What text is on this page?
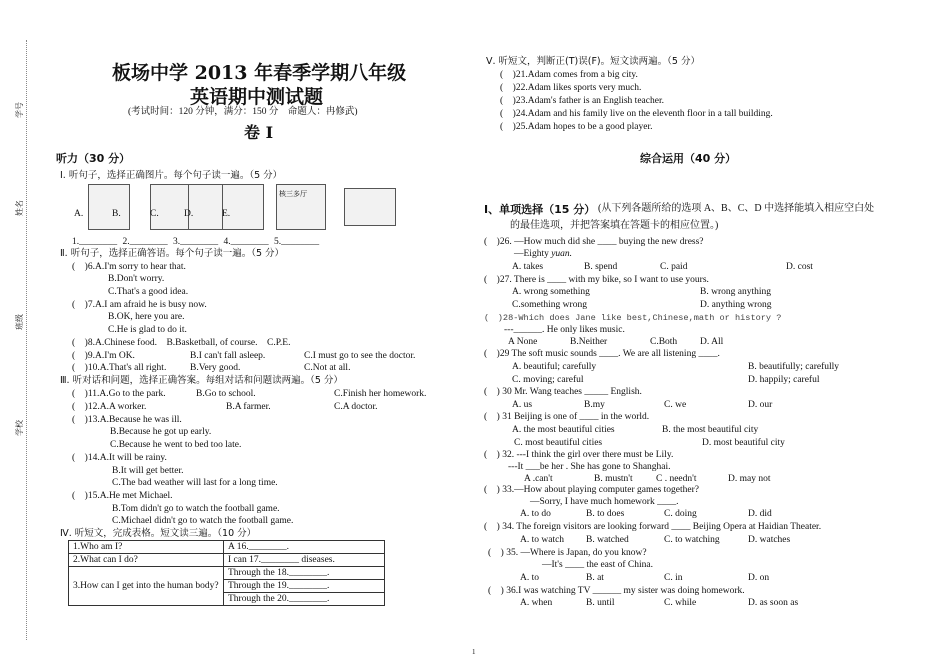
学号
姓名
班级
学校
板场中学 2013 年春季学期八年级
英语期中测试题
(考试时间：120 分钟，满分：150 分　命题人：冉修武)
卷 Ⅰ
听力（30 分）
Ⅰ. 听句子，选择正确图片。每个句子读一遍。（5 分）
核三多厅
A.	B.	C.	D.	E.
1.________ 2.________ 3.________ 4.________ 5.________
Ⅱ. 听句子，选择正确答语。每个句子读一遍。（5 分）
(　)6.A.I'm sorry to hear that.
B.Don't worry.
C.That's a good idea.
(　)7.A.I am afraid he is busy now.
B.OK, here you are.
C.He is glad to do it.
(　)8.A.Chinese food.　B.Basketball, of course.　C.P.E.
(　)9.A.I'm OK.	B.I can't fall asleep.	C.I must go to see the doctor.
(　)10.A.That's all right. B.Very good.	C.Not at all.
Ⅲ. 听对话和问题，选择正确答案。每组对话和问题读两遍。（5 分）
(　)11.A.Go to the park.	B.Go to school.	C.Finish her homework.
(　)12.A.A worker.	B.A farmer.	C.A doctor.
(　)13.A.Because he was ill.
B.Because he got up early.
C.Because he went to bed too late.
(　)14.A.It will be rainy.
B.It will get better.
C.The bad weather will last for a long time.
(　)15.A.He met Michael.
B.Tom didn't go to watch the football game.
C.Michael didn't go to watch the football game.
Ⅳ. 听短文，完成表格。短文读三遍。（10 分）
1.Who am I?	A 16.________.
2.What can I do?	I can 17.________ diseases.
3.How can I get into the human body?	Through the 18.________.
	Through the 19.________.
	Through the 20.________.
Ⅴ. 听短文，判断正(T)误(F)。短文读两遍。（5 分）
(　)21.Adam comes from a big city.
(　)22.Adam likes sports very much.
(　)23.Adam's father is an English teacher.
(　)24.Adam and his family live on the eleventh floor in a tall building.
(　)25.Adam hopes to be a good player.
综合运用（40 分）
Ⅰ、单项选择（15 分） (从下列各题所给的选项 A、B、C、D 中选择能填入相应空白处
的最佳选项，并把答案填在答题卡的相应位置。)
(　)26. —How much did she ____ buying the new dress?
—Eighty yuan.
A. takes	B. spend	C. paid	D. cost
(　)27. There is ____ with my bike, so I want to use yours.
A. wrong something	B. wrong anything
C.something wrong	D. anything wrong
(　)28-Which does Jane like best,Chinese,math or history ?
---______. He only likes music.
A None	B.Neither	C.Both D. All
(　)29 The soft music sounds ____. We are all listening ____.
A. beautiful; carefully	B. beautifully; carefully
C. moving; careful	D. happily; careful
(　) 30 Mr. Wang teaches _____ English.
A. us	B.my	C. we	D. our
(　) 31 Beijing is one of ____ in the world.
A. the most beautiful cities	B. the most beautiful city
C. most beautiful cities	D. most beautiful city
(　) 32. ---I think the girl over there must be Lily.
---It ___be her . She has gone to Shanghai.
A .can't	B. mustn't C . needn't	D. may not
(　) 33.—How about playing computer games together?
—Sorry, I have much homework ____.
A. to do	B. to does	C. doing	D. did
(　) 34. The foreign visitors are looking forward ____ Beijing Opera at Haidian Theater.
A. to watch B. watched	C. to watching	D. watches
(　) 35. —Where is Japan, do you know?
—It's ____ the east of China.
A. to	B. at	C. in	D. on
(　) 36.I was watching TV ______ my sister was doing homework.
A. when	B. until	C. while	D. as soon as
1
